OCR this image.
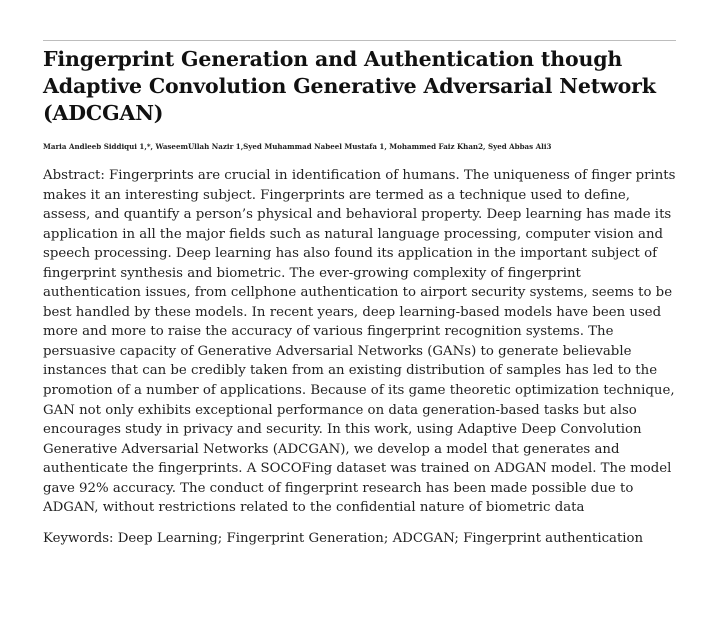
Fingerprint Generation and Authentication though Adaptive Convolution Generative Adversarial Network (ADCGAN)
Maria Andleeb Siddiqui 1,*, WaseemUllah Nazir 1,Syed Muhammad Nabeel Mustafa 1, Mohammed Faiz Khan2, Syed Abbas Ali3

Abstract: Fingerprints are crucial in identification of humans. The uniqueness of finger prints makes it an interesting subject. Fingerprints are termed as a technique used to define, assess, and quantify a person’s physical and behavioral property. Deep learning has made its application in all the major fields such as natural language processing, computer vision and speech processing. Deep learning has also found its application in the important subject of fingerprint synthesis and biometric. The ever-growing complexity of fingerprint authentication issues, from cellphone authentication to airport security systems, seems to be best handled by these models. In recent years, deep learning-based models have been used more and more to raise the accuracy of various fingerprint recognition systems. The persuasive capacity of Generative Adversarial Networks (GANs) to generate believable instances that can be credibly taken from an existing distribution of samples has led to the promotion of a number of applications. Because of its game theoretic optimization technique, GAN not only exhibits exceptional performance on data generation-based tasks but also encourages study in privacy and security. In this work, using Adaptive Deep Convolution Generative Adversarial Networks (ADCGAN), we develop a model that generates and authenticate the fingerprints. A SOCOFing dataset was trained on ADGAN model. The model gave 92% accuracy. The conduct of fingerprint research has been made possible due to ADGAN, without restrictions related to the confidential nature of biometric data

Keywords: Deep Learning; Fingerprint Generation; ADCGAN; Fingerprint authentication
